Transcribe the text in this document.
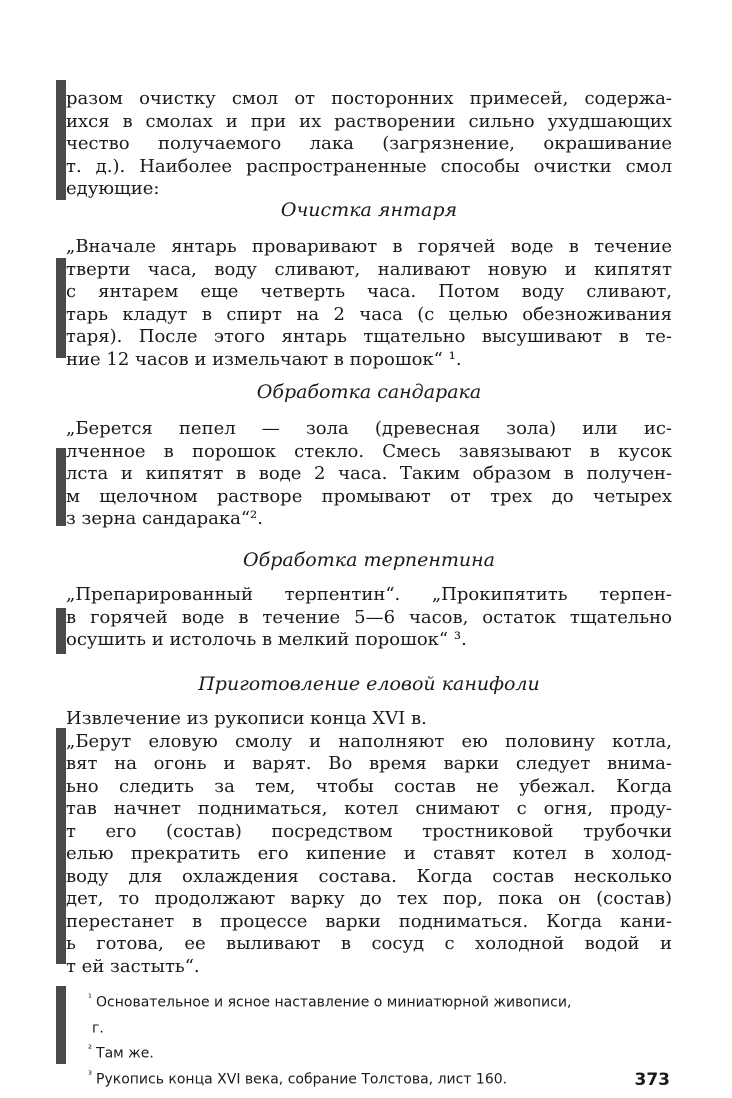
разом очистку смол от посторонних примесей, содержа-
ихся в смолах и при их растворении сильно ухудшающих
чество получаемого лака (загрязнение, окрашивание
т. д.). Наиболее распространенные способы очистки смол
едующие:
Очистка янтаря
„Вначале янтарь проваривают в горячей воде в течение
тверти часа, воду сливают, наливают новую и кипятят
с янтарем еще четверть часа. Потом воду сливают,
тарь кладут в спирт на 2 часа (с целью обезноживания
таря). После этого янтарь тщательно высушивают в те-
ние 12 часов и измельчают в порошок“ ¹.
Обработка сандарака
„Берется пепел — зола (древесная зола) или ис-
лченное в порошок стекло. Смесь завязывают в кусок
лста и кипятят в воде 2 часа. Таким образом в получен-
м щелочном растворе промывают от трех до четырех
з зерна сандарака“².
Обработка терпентина
„Препарированный терпентин“. „Прокипятить терпен-
в горячей воде в течение 5—6 часов, остаток тщательно
осушить и истолочь в мелкий порошок“ ³.
Приготовление еловой канифоли
Извлечение из рукописи конца XVI в.
„Берут еловую смолу и наполняют ею половину котла,
вят на огонь и варят. Во время варки следует внима-
ьно следить за тем, чтобы состав не убежал. Когда
тав начнет подниматься, котел снимают с огня, проду-
т его (состав) посредством тростниковой трубочки
елью прекратить его кипение и ставят котел в холод-
воду для охлаждения состава. Когда состав несколько
дет, то продолжают варку до тех пор, пока он (состав)
перестанет в процессе варки подниматься. Когда кани-
ь готова, ее выливают в сосуд с холодной водой и
т ей застыть“.
$^{^1}$ Основательное и ясное наставление о миниатюрной живописи,
г.
$^{^2}$ Там же.
$^{^3}$ Рукопись конца XVI века, собрание Толстова, лист 160.	373
